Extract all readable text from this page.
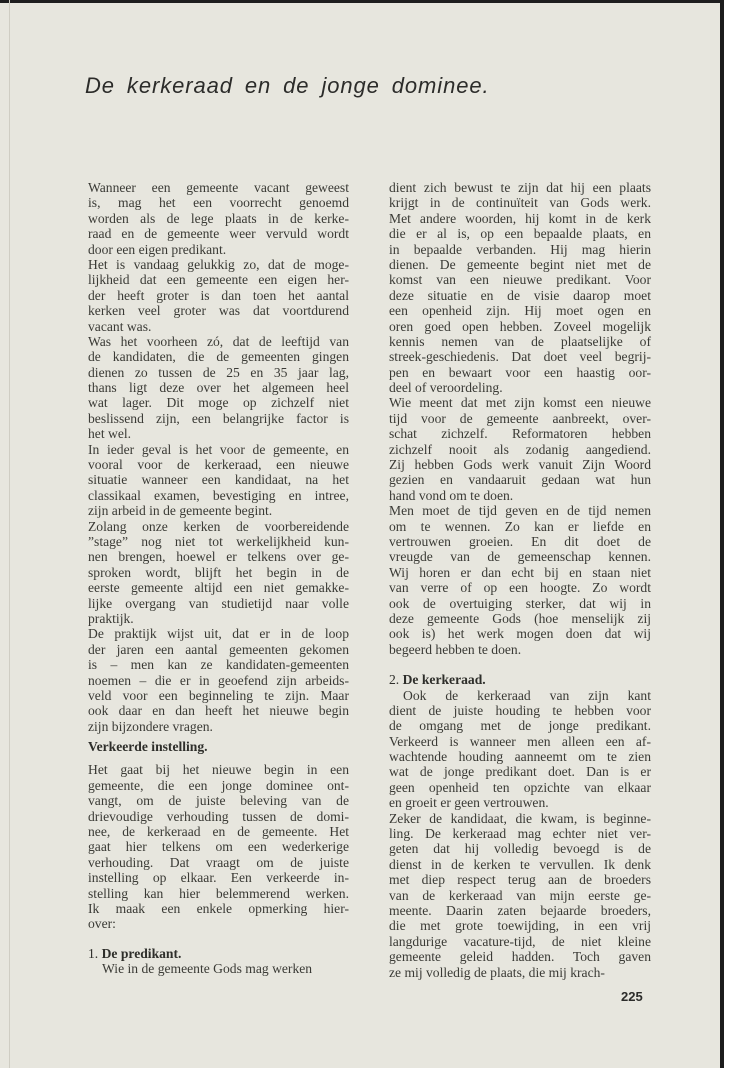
De kerkeraad en de jonge dominee.
Wanneer een gemeente vacant geweest
is, mag het een voorrecht genoemd
worden als de lege plaats in de kerke-
raad en de gemeente weer vervuld wordt
door een eigen predikant.
Het is vandaag gelukkig zo, dat de moge-
lijkheid dat een gemeente een eigen her-
der heeft groter is dan toen het aantal
kerken veel groter was dat voortdurend
vacant was.
Was het voorheen zó, dat de leeftijd van
de kandidaten, die de gemeenten gingen
dienen zo tussen de 25 en 35 jaar lag,
thans ligt deze over het algemeen heel
wat lager. Dit moge op zichzelf niet
beslissend zijn, een belangrijke factor is
het wel.
In ieder geval is het voor de gemeente, en
vooral voor de kerkeraad, een nieuwe
situatie wanneer een kandidaat, na het
classikaal examen, bevestiging en intree,
zijn arbeid in de gemeente begint.
Zolang onze kerken de voorbereidende
”stage” nog niet tot werkelijkheid kun-
nen brengen, hoewel er telkens over ge-
sproken wordt, blijft het begin in de
eerste gemeente altijd een niet gemakke-
lijke overgang van studietijd naar volle
praktijk.
De praktijk wijst uit, dat er in de loop
der jaren een aantal gemeenten gekomen
is – men kan ze kandidaten-gemeenten
noemen – die er in geoefend zijn arbeids-
veld voor een beginneling te zijn. Maar
ook daar en dan heeft het nieuwe begin
zijn bijzondere vragen.
Verkeerde instelling.
Het gaat bij het nieuwe begin in een
gemeente, die een jonge dominee ont-
vangt, om de juiste beleving van de
drievoudige verhouding tussen de domi-
nee, de kerkeraad en de gemeente. Het
gaat hier telkens om een wederkerige
verhouding. Dat vraagt om de juiste
instelling op elkaar. Een verkeerde in-
stelling kan hier belemmerend werken.
Ik maak een enkele opmerking hier-
over:
1. De predikant.
Wie in de gemeente Gods mag werken
dient zich bewust te zijn dat hij een plaats
krijgt in de continuïteit van Gods werk.
Met andere woorden, hij komt in de kerk
die er al is, op een bepaalde plaats, en
in bepaalde verbanden. Hij mag hierin
dienen. De gemeente begint niet met de
komst van een nieuwe predikant. Voor
deze situatie en de visie daarop moet
een openheid zijn. Hij moet ogen en
oren goed open hebben. Zoveel mogelijk
kennis nemen van de plaatselijke of
streek-geschiedenis. Dat doet veel begrij-
pen en bewaart voor een haastig oor-
deel of veroordeling.
Wie meent dat met zijn komst een nieuwe
tijd voor de gemeente aanbreekt, over-
schat zichzelf. Reformatoren hebben
zichzelf nooit als zodanig aangediend.
Zij hebben Gods werk vanuit Zijn Woord
gezien en vandaaruit gedaan wat hun
hand vond om te doen.
Men moet de tijd geven en de tijd nemen
om te wennen. Zo kan er liefde en
vertrouwen groeien. En dit doet de
vreugde van de gemeenschap kennen.
Wij horen er dan echt bij en staan niet
van verre of op een hoogte. Zo wordt
ook de overtuiging sterker, dat wij in
deze gemeente Gods (hoe menselijk zij
ook is) het werk mogen doen dat wij
begeerd hebben te doen.
2. De kerkeraad.
Ook de kerkeraad van zijn kant
dient de juiste houding te hebben voor
de omgang met de jonge predikant.
Verkeerd is wanneer men alleen een af-
wachtende houding aanneemt om te zien
wat de jonge predikant doet. Dan is er
geen openheid ten opzichte van elkaar
en groeit er geen vertrouwen.
Zeker de kandidaat, die kwam, is beginne-
ling. De kerkeraad mag echter niet ver-
geten dat hij volledig bevoegd is de
dienst in de kerken te vervullen. Ik denk
met diep respect terug aan de broeders
van de kerkeraad van mijn eerste ge-
meente. Daarin zaten bejaarde broeders,
die met grote toewijding, in een vrij
langdurige vacature-tijd, de niet kleine
gemeente geleid hadden. Toch gaven
ze mij volledig de plaats, die mij krach-
225
